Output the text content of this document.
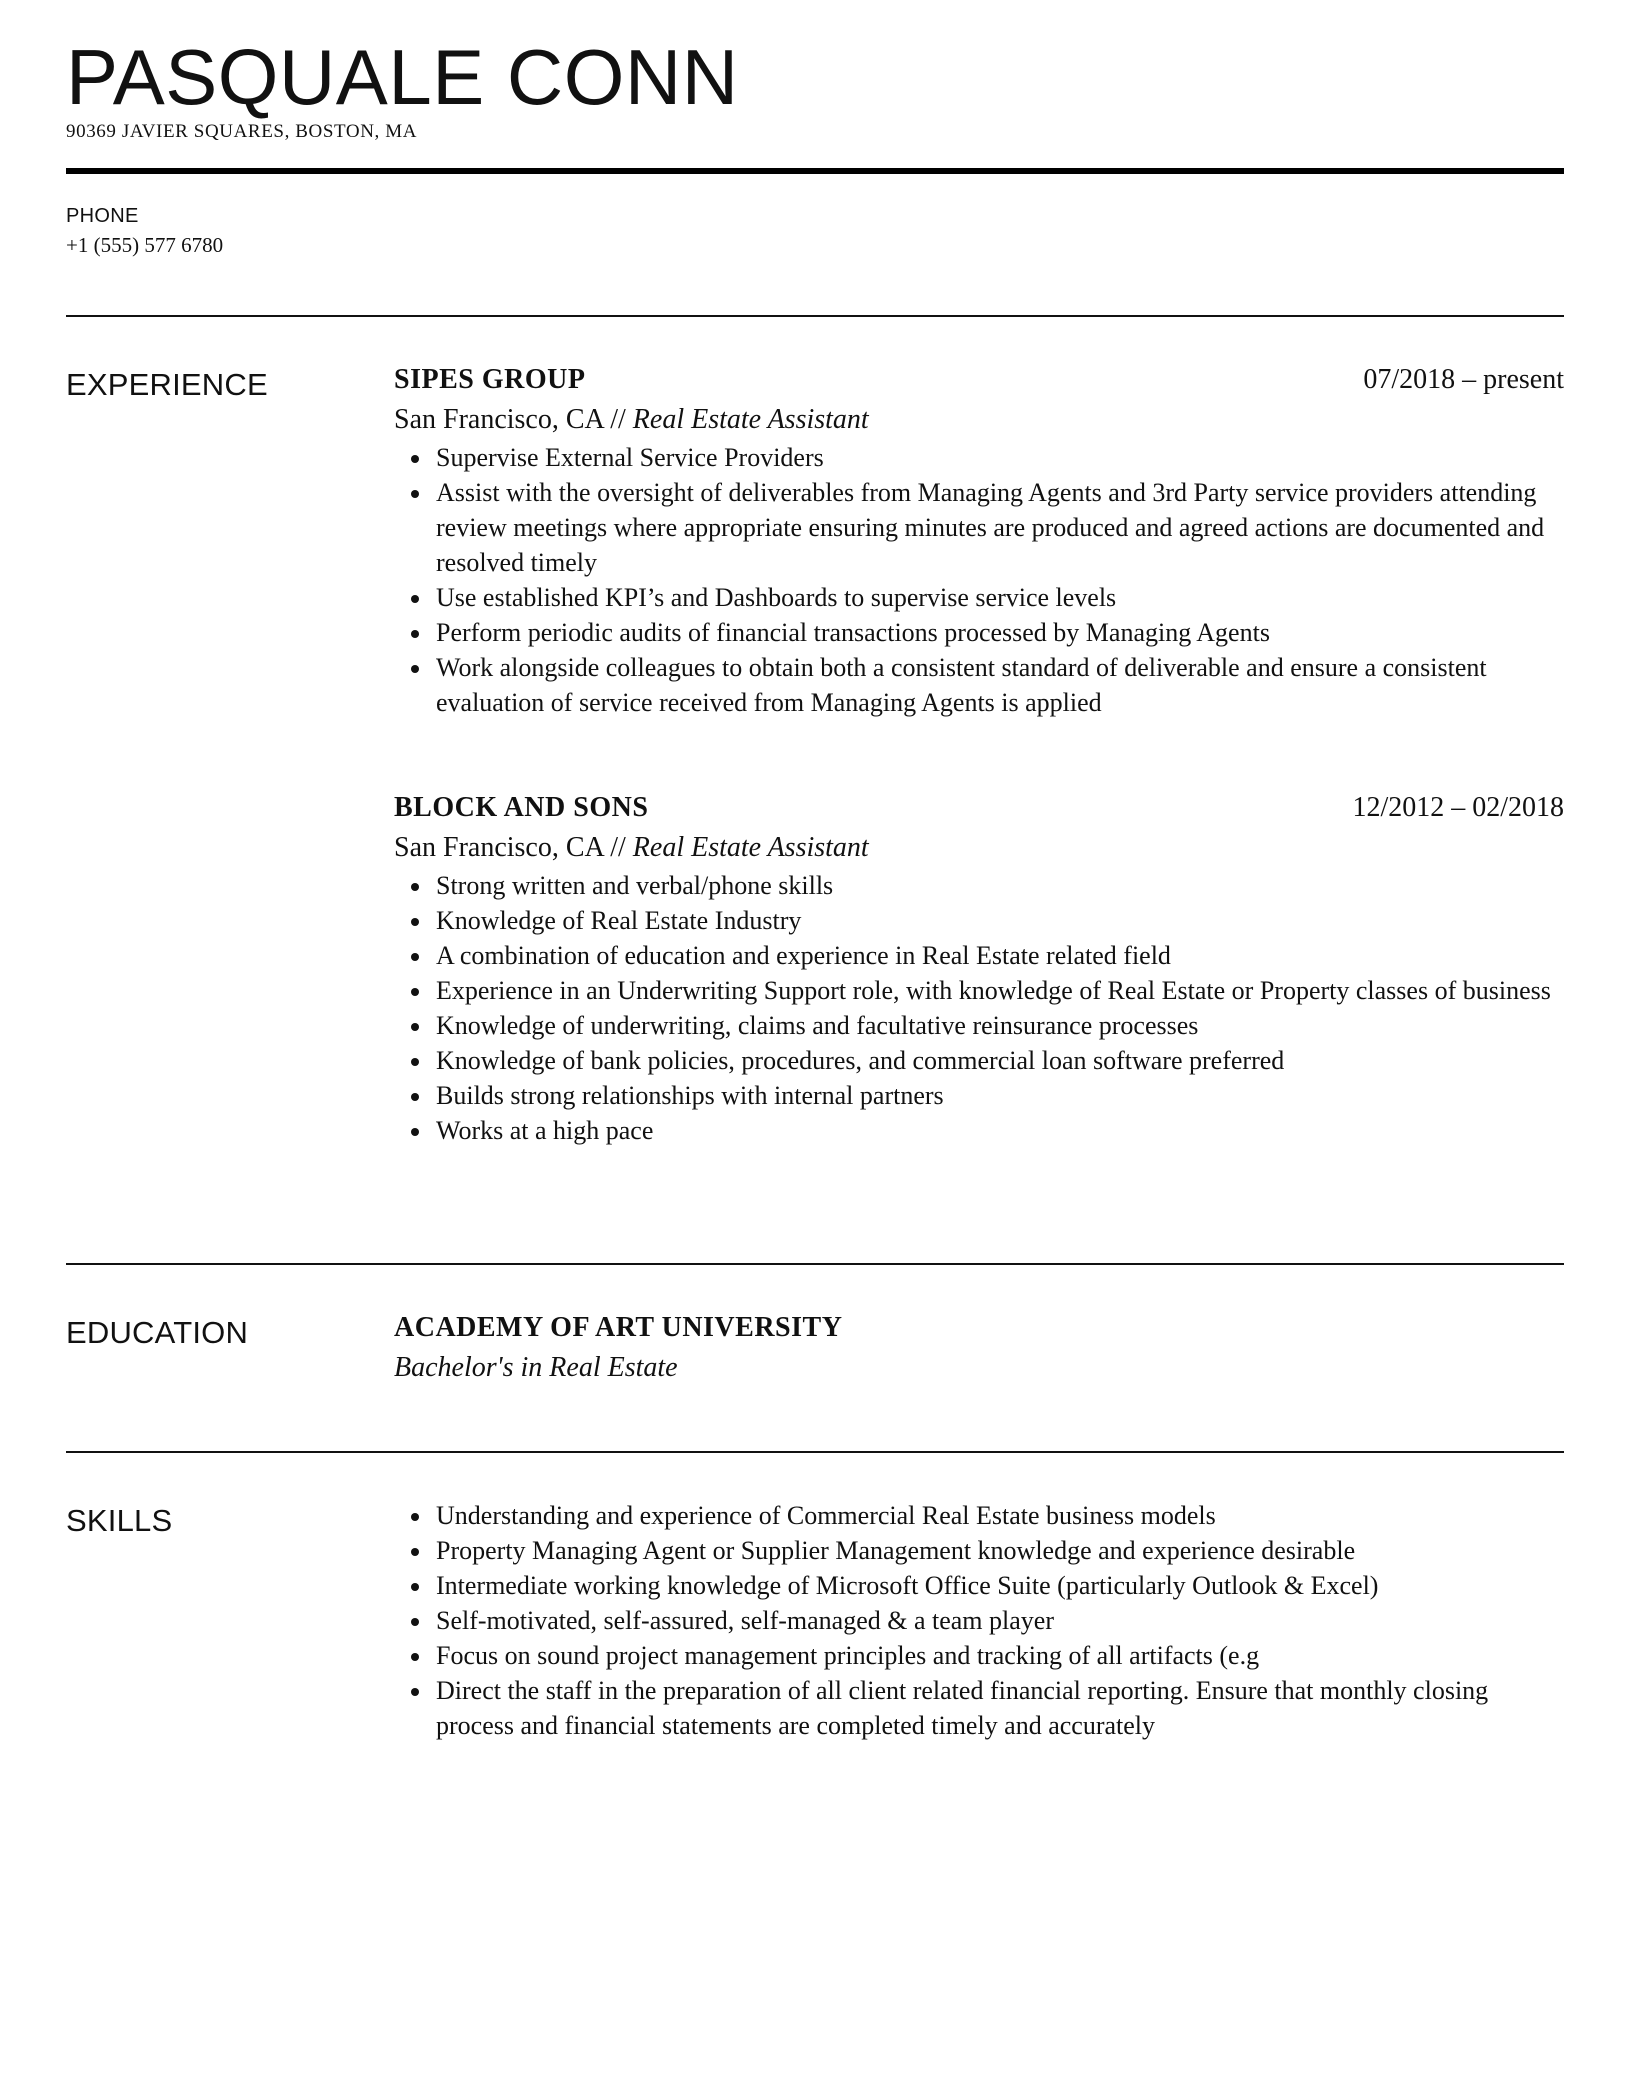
PASQUALE CONN
90369 JAVIER SQUARES, BOSTON, MA
PHONE
+1 (555) 577 6780
EXPERIENCE	SIPES GROUP	07/2018 – present
San Francisco, CA // Real Estate Assistant
Supervise External Service Providers
Assist with the oversight of deliverables from Managing Agents and 3rd Party service providers attending review meetings where appropriate ensuring minutes are produced and agreed actions are documented and resolved timely
Use established KPI’s and Dashboards to supervise service levels
Perform periodic audits of financial transactions processed by Managing Agents
Work alongside colleagues to obtain both a consistent standard of deliverable and ensure a consistent evaluation of service received from Managing Agents is applied
BLOCK AND SONS	12/2012 – 02/2018
San Francisco, CA // Real Estate Assistant
Strong written and verbal/phone skills
Knowledge of Real Estate Industry
A combination of education and experience in Real Estate related field
Experience in an Underwriting Support role, with knowledge of Real Estate or Property classes of business
Knowledge of underwriting, claims and facultative reinsurance processes
Knowledge of bank policies, procedures, and commercial loan software preferred
Builds strong relationships with internal partners
Works at a high pace
EDUCATION	ACADEMY OF ART UNIVERSITY
Bachelor's in Real Estate
SKILLS	Understanding and experience of Commercial Real Estate business models
Property Managing Agent or Supplier Management knowledge and experience desirable
Intermediate working knowledge of Microsoft Office Suite (particularly Outlook & Excel)
Self-motivated, self-assured, self-managed & a team player
Focus on sound project management principles and tracking of all artifacts (e.g
Direct the staff in the preparation of all client related financial reporting. Ensure that monthly closing process and financial statements are completed timely and accurately
